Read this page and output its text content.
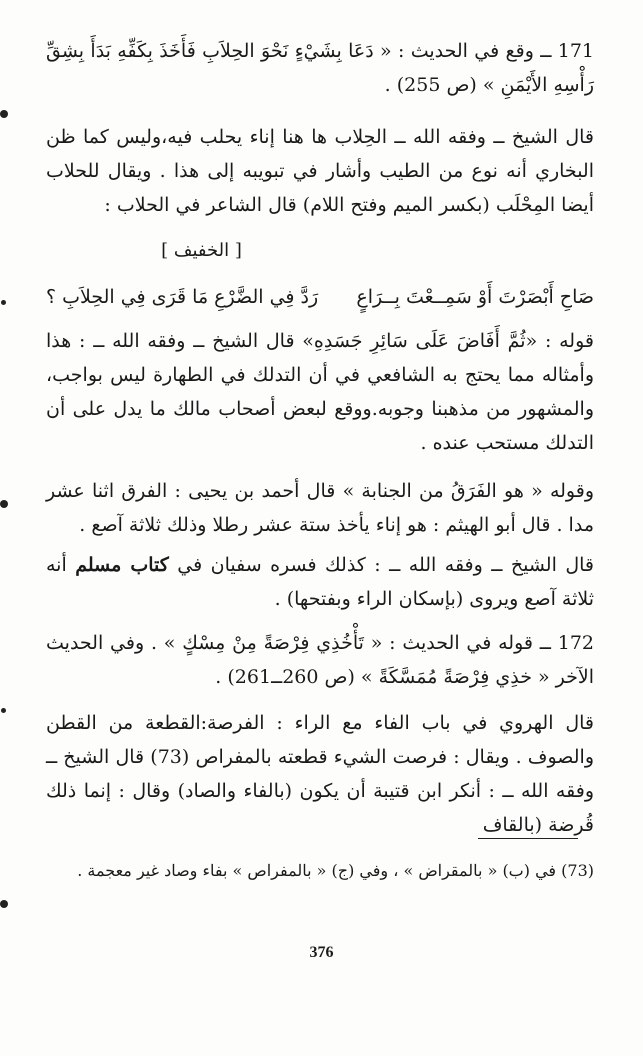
171 ــ وقع في الحديث : « دَعَا بِشَيْءٍ نَحْوَ الحِلاَبِ فَأَخَذَ بِكَفِّهِ بَدَأَ بِشِقِّ رَأْسِهِ الأَيْمَنِ » (ص 255) .

قال الشيخ ــ وفقه الله ــ الحِلاب ها هنا إناء يحلب فيه،وليس كما ظن البخاري أنه نوع من الطيب وأشار في تبويبه إلى هذا . ويقال للحلاب أيضا المِحْلَب (بكسر الميم وفتح اللام) قال الشاعر في الحلاب :

[ الخفيف ]
صَاحِ أَبْصَرْتَ أَوْ سَمِــعْتَ بِــرَاعٍ
رَدَّ فِي الضَّرْعِ مَا قَرَى فِي الحِلاَبِ ؟

قوله : «ثُمَّ أَفَاضَ عَلَى سَائِرِ جَسَدِهِ» قال الشيخ ــ وفقه الله ــ : هذا وأمثاله مما يحتج به الشافعي في أن التدلك في الطهارة ليس بواجب، والمشهور من مذهبنا وجوبه.ووقع لبعض أصحاب مالك ما يدل على أن التدلك مستحب عنده .

وقوله « هو الفَرَقُ من الجنابة » قال أحمد بن يحيى : الفرق اثنا عشر مدا . قال أبو الهيثم : هو إناء يأخذ ستة عشر رطلا وذلك ثلاثة آصع .

قال الشيخ ــ وفقه الله ــ : كذلك فسره سفيان في كتاب مسلم أنه ثلاثة آصع ويروى (بإسكان الراء وبفتحها) .

172 ــ قوله في الحديث : « تَأْخُذِي فِرْصَةً مِنْ مِسْكٍ » . وفي الحديث الآخر « خذِي فِرْصَةً مُمَسَّكَةً » (ص 260ــ261) .

قال الهروي في باب الفاء مع الراء : الفرصة:القطعة من القطن والصوف . ويقال : فرصت الشيء قطعته بالمفراص (73) قال الشيخ ــ وفقه الله ــ : أنكر ابن قتيبة أن يكون (بالفاء والصاد) وقال : إنما ذلك قُرضة (بالقاف

(73) في (ب) « بالمقراض » ، وفي (ج) « بالمفراص » بفاء وصاد غير معجمة .
376
